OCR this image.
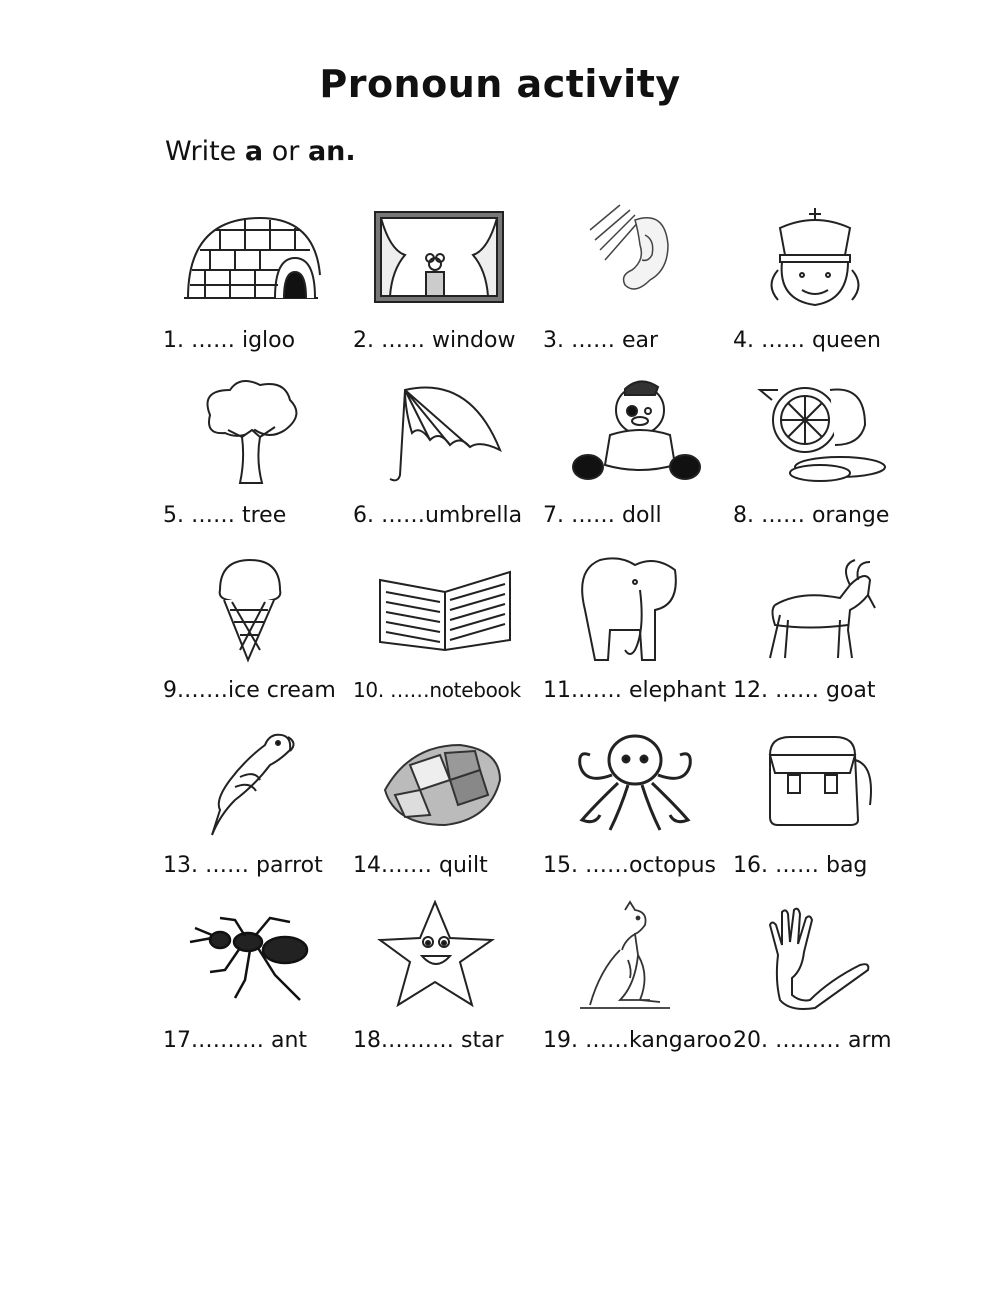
Pronoun activity
Write a or an.
1. …… igloo	2. …… window	3. …… ear	4. …… queen
5. …… tree	6. ……umbrella 7. …… doll	8. …… orange
9.……ice cream 10. ……notebook	11.…… elephant 12. …… goat
13. …… parrot	14.…… quilt	15. ……octopus 16. …… bag
17.……… ant	18.……… star	19. ……kangaroo 20. ……… arm
